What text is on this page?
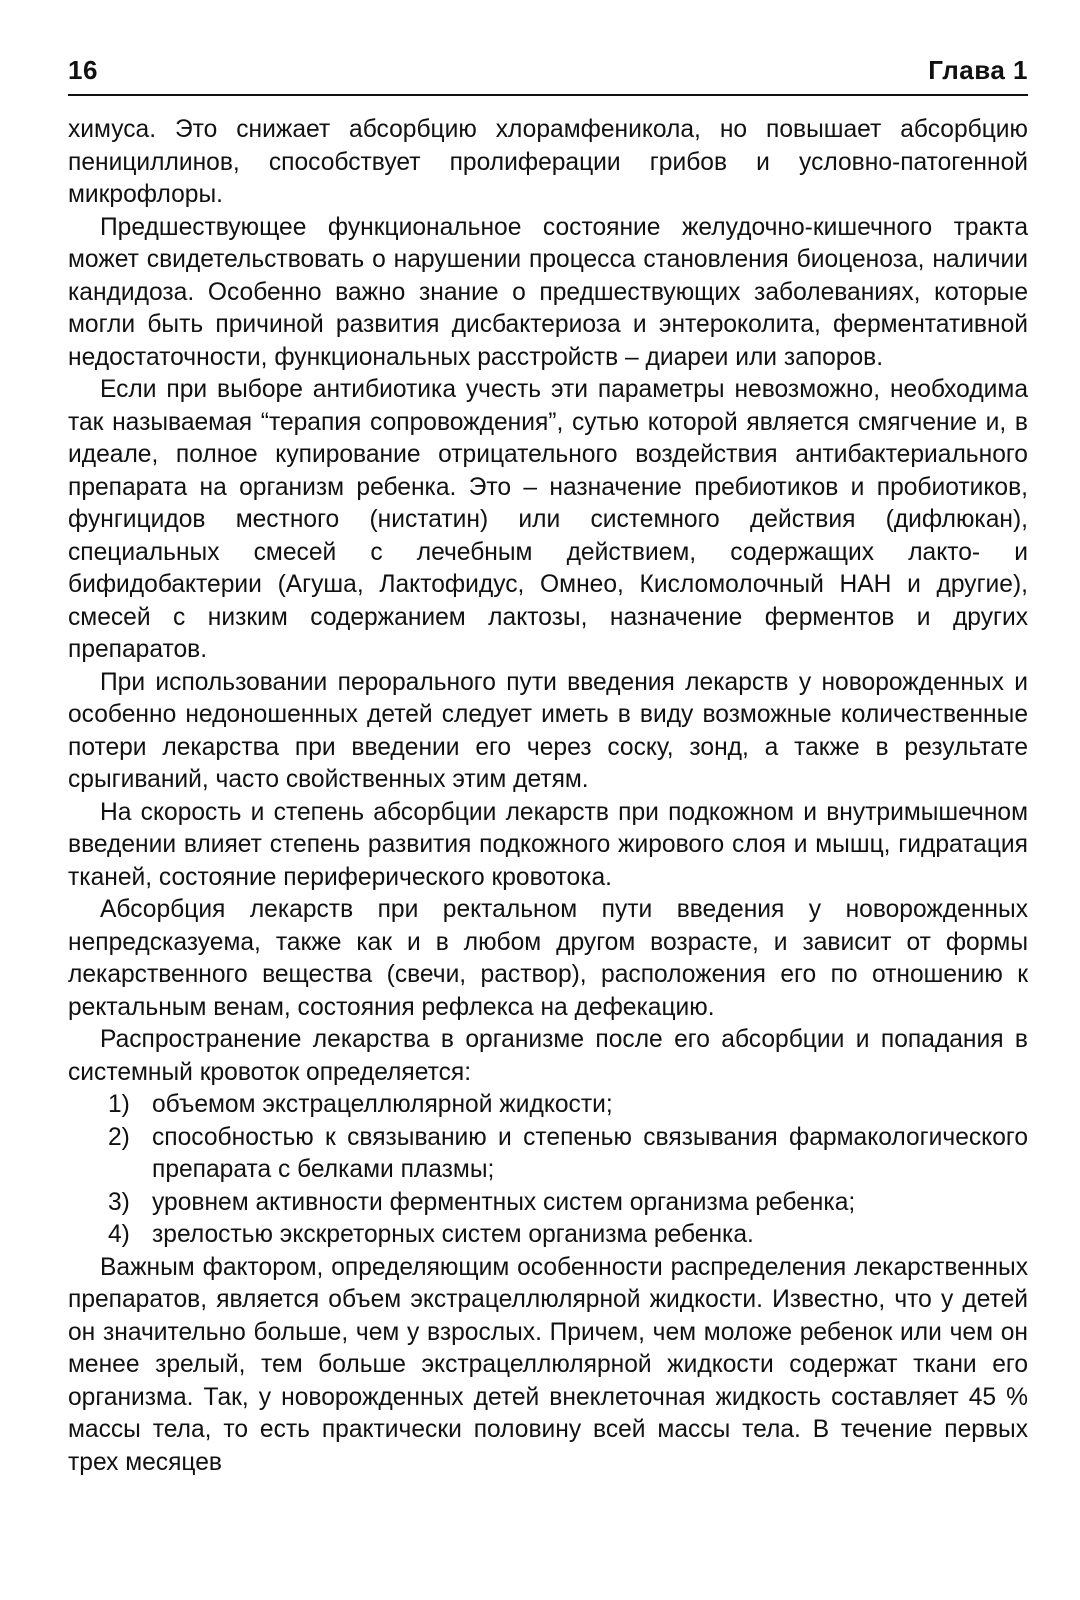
16	Глава 1

химуса. Это снижает абсорбцию хлорамфеникола, но повышает абсорбцию пенициллинов, способствует пролиферации грибов и условно-патогенной микрофлоры.

Предшествующее функциональное состояние желудочно-кишечного тракта может свидетельствовать о нарушении процесса становления биоценоза, наличии кандидоза. Особенно важно знание о предшествующих заболеваниях, которые могли быть причиной развития дисбактериоза и энтероколита, ферментативной недостаточности, функциональных расстройств – диареи или запоров.

Если при выборе антибиотика учесть эти параметры невозможно, необходима так называемая “терапия сопровождения”, сутью которой является смягчение и, в идеале, полное купирование отрицательного воздействия антибактериального препарата на организм ребенка. Это – назначение пребиотиков и пробиотиков, фунгицидов местного (нистатин) или системного действия (дифлюкан), специальных смесей с лечебным действием, содержащих лакто- и бифидобактерии (Агуша, Лактофидус, Омнео, Кисломолочный НАН и другие), смесей с низким содержанием лактозы, назначение ферментов и других препаратов.

При использовании перорального пути введения лекарств у новорожденных и особенно недоношенных детей следует иметь в виду возможные количественные потери лекарства при введении его через соску, зонд, а также в результате срыгиваний, часто свойственных этим детям.

На скорость и степень абсорбции лекарств при подкожном и внутримышечном введении влияет степень развития подкожного жирового слоя и мышц, гидратация тканей, состояние периферического кровотока.

Абсорбция лекарств при ректальном пути введения у новорожденных непредсказуема, также как и в любом другом возрасте, и зависит от формы лекарственного вещества (свечи, раствор), расположения его по отношению к ректальным венам, состояния рефлекса на дефекацию.

Распространение лекарства в организме после его абсорбции и попадания в системный кровоток определяется:

1) объемом экстрацеллюлярной жидкости;
2) способностью к связыванию и степенью связывания фармакологического препарата с белками плазмы;
3) уровнем активности ферментных систем организма ребенка;
4) зрелостью экскреторных систем организма ребенка.

Важным фактором, определяющим особенности распределения лекарственных препаратов, является объем экстрацеллюлярной жидкости. Известно, что у детей он значительно больше, чем у взрослых. Причем, чем моложе ребенок или чем он менее зрелый, тем больше экстрацеллюлярной жидкости содержат ткани его организма. Так, у новорожденных детей внеклеточная жидкость составляет 45 % массы тела, то есть практически половину всей массы тела. В течение первых трех месяцев
